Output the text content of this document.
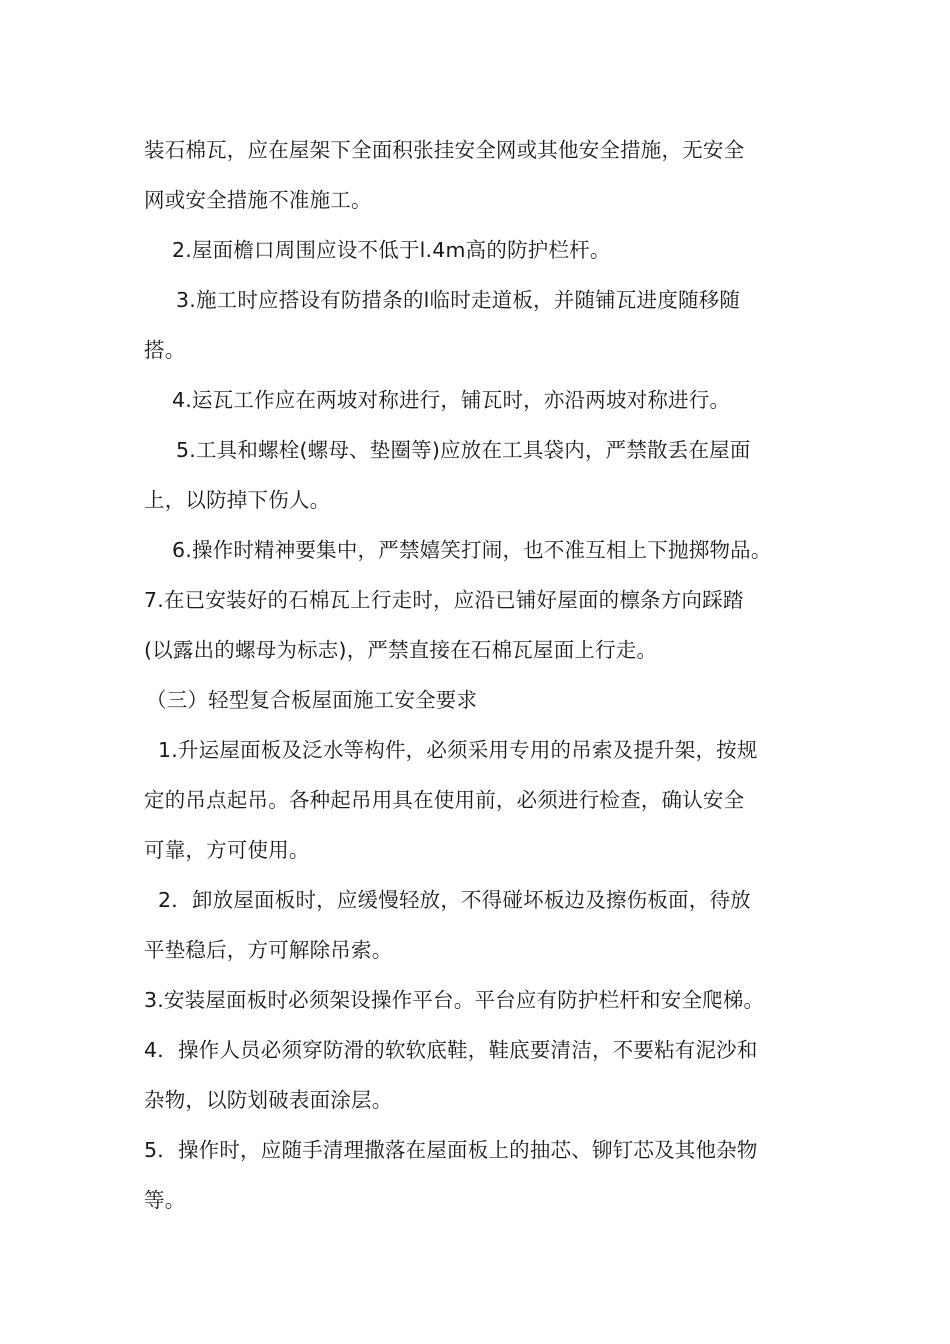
装石棉瓦，应在屋架下全面积张挂安全网或其他安全措施，无安全
网或安全措施不准施工。
2.屋面檐口周围应设不低于l.4m高的防护栏杆。
3.施工时应搭设有防措条的l临时走道板，并随铺瓦进度随移随
搭。
4.运瓦工作应在两坡对称进行，铺瓦时，亦沿两坡对称进行。
5.工具和螺栓(螺母、垫圈等)应放在工具袋内，严禁散丢在屋面
上，以防掉下伤人。
6.操作时精神要集中，严禁嬉笑打闹，也不准互相上下抛掷物品。
7.在已安装好的石棉瓦上行走时，应沿已铺好屋面的檩条方向踩踏
(以露出的螺母为标志)，严禁直接在石棉瓦屋面上行走。
（三）轻型复合板屋面施工安全要求
1.升运屋面板及泛水等构件，必须采用专用的吊索及提升架，按规
定的吊点起吊。各种起吊用具在使用前，必须进行检查，确认安全
可靠，方可使用。
2．卸放屋面板时，应缓慢轻放，不得碰坏板边及擦伤板面，待放
平垫稳后，方可解除吊索。
3.安装屋面板时必须架设操作平台。平台应有防护栏杆和安全爬梯。
4．操作人员必须穿防滑的软软底鞋，鞋底要清洁，不要粘有泥沙和
杂物，以防划破表面涂层。
5．操作时，应随手清理撒落在屋面板上的抽芯、铆钉芯及其他杂物
等。
